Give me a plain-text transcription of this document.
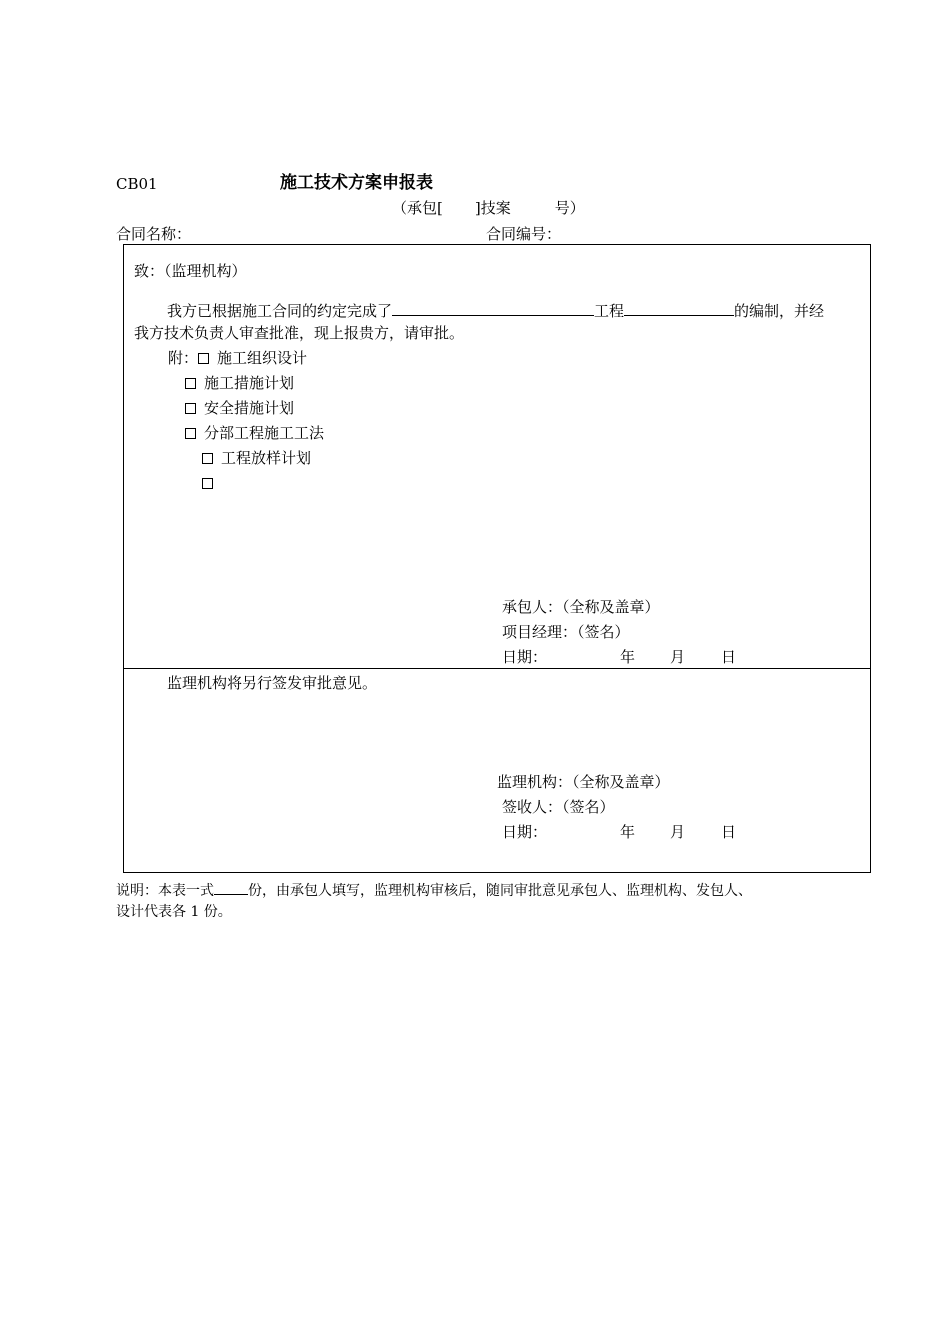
CB01	施工技术方案申报表
（承包[ ]技案	号）
合同名称：	合同编号：
致：（监理机构）
我方已根据施工合同的约定完成了	工程	的编制，并经
我方技术负责人审查批准，现上报贵方，请审批。
附： 施工组织设计
施工措施计划
安全措施计划
分部工程施工工法
工程放样计划
承包人：（全称及盖章）
项目经理：（签名）
日期：	年 月 日
监理机构将另行签发审批意见。
监理机构：（全称及盖章）
签收人：（签名）
日期：	年 月 日
说明：本表一式 份，由承包人填写，监理机构审核后，随同审批意见承包人、监理机构、发包人、
设计代表各 1 份。
